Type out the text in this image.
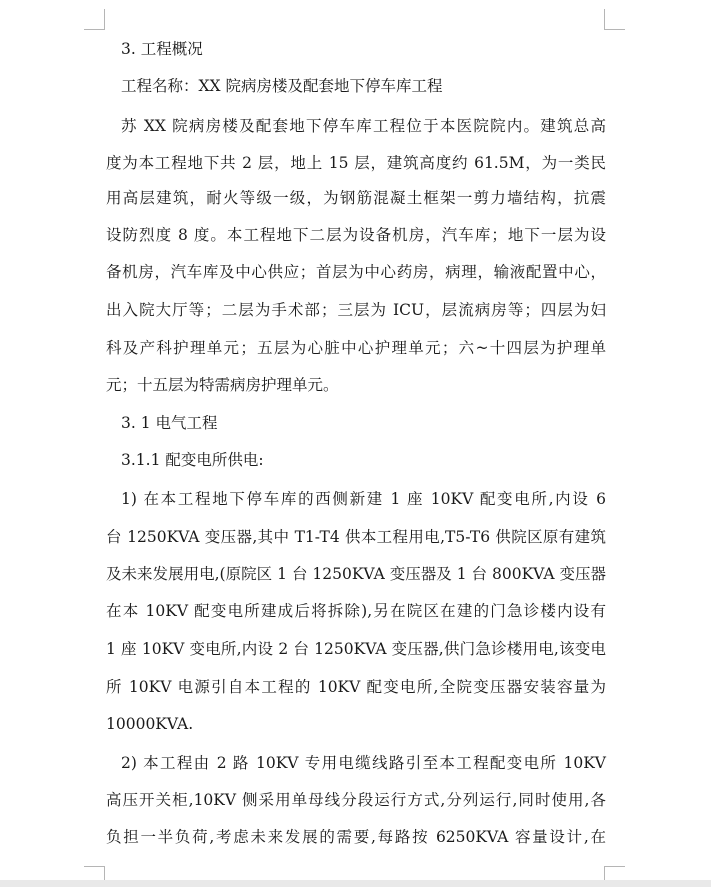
3. 工程概况

工程名称：XX 院病房楼及配套地下停车库工程

苏 XX 院病房楼及配套地下停车库工程位于本医院院内。建筑总高

度为本工程地下共 2 层，地上 15 层，建筑高度约 61.5M，为一类民

用高层建筑，耐火等级一级，为钢筋混凝土框架一剪力墙结构，抗震

设防烈度 8 度。本工程地下二层为设备机房，汽车库；地下一层为设

备机房，汽车库及中心供应；首层为中心药房，病理，输液配置中心，

出入院大厅等；二层为手术部；三层为 ICU，层流病房等；四层为妇

科及产科护理单元；五层为心脏中心护理单元；六~十四层为护理单

元；十五层为特需病房护理单元。

3. 1 电气工程

3.1.1 配变电所供电:

1) 在本工程地下停车库的西侧新建 1 座 10KV 配变电所,内设 6

台 1250KVA 变压器,其中 T1-T4 供本工程用电,T5-T6 供院区原有建筑

及未来发展用电,(原院区 1 台 1250KVA 变压器及 1 台 800KVA 变压器

在本 10KV 配变电所建成后将拆除),另在院区在建的门急诊楼内设有

1 座 10KV 变电所,内设 2 台 1250KVA 变压器,供门急诊楼用电,该变电

所 10KV 电源引自本工程的 10KV 配变电所,全院变压器安装容量为

10000KVA.

2) 本工程由 2 路 10KV 专用电缆线路引至本工程配变电所 10KV

高压开关柜,10KV 侧采用单母线分段运行方式,分列运行,同时使用,各

负担一半负荷,考虑未来发展的需要,每路按 6250KVA 容量设计,在
